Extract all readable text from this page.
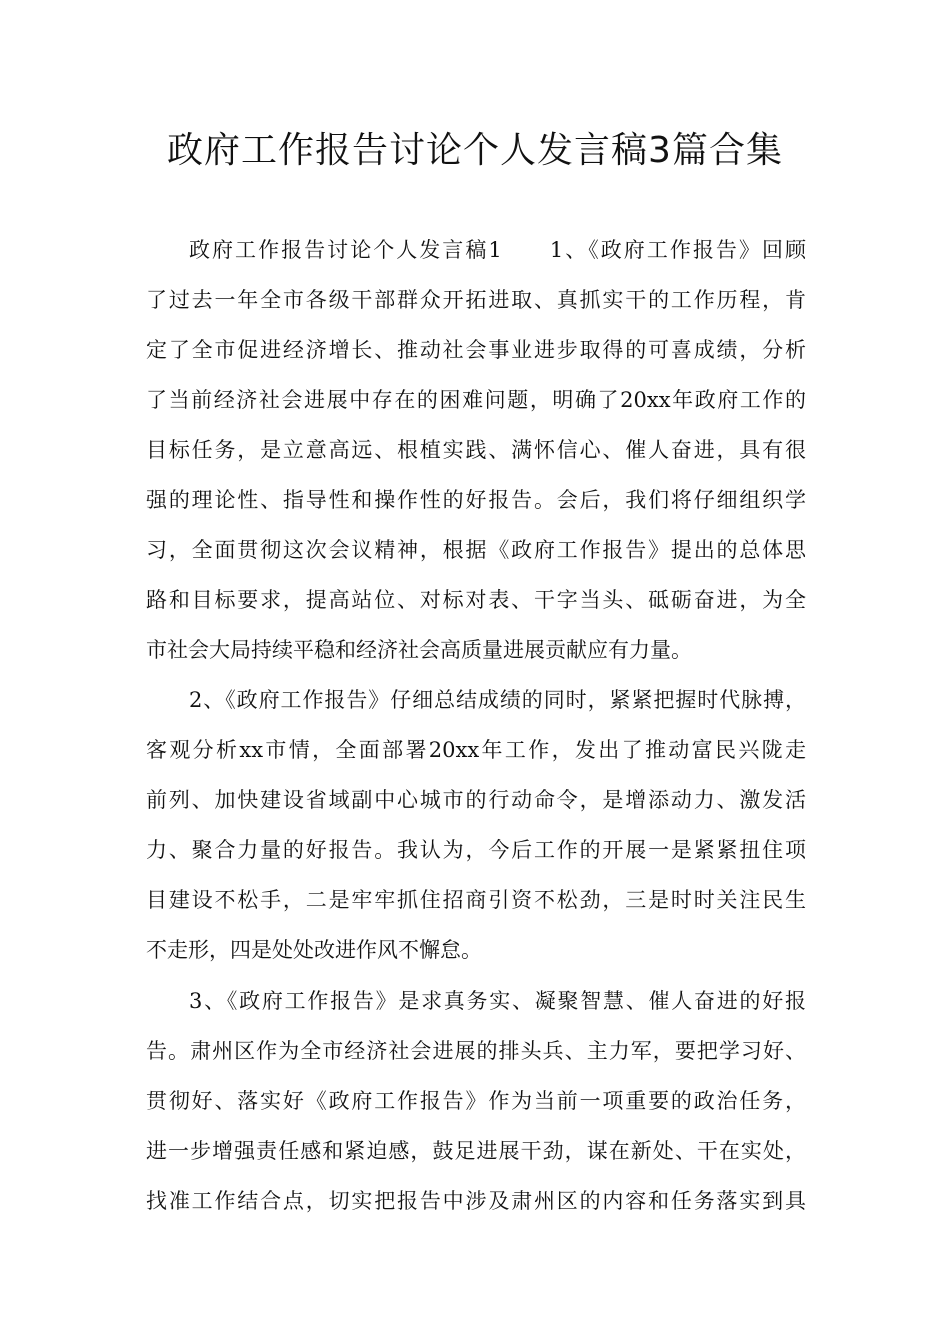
政府工作报告讨论个人发言稿3篇合集
政府工作报告讨论个人发言稿1　　1、《政府工作报告》回顾
了过去一年全市各级干部群众开拓进取、真抓实干的工作历程，肯
定了全市促进经济增长、推动社会事业进步取得的可喜成绩，分析
了当前经济社会进展中存在的困难问题，明确了20xx年政府工作的
目标任务，是立意高远、根植实践、满怀信心、催人奋进，具有很
强的理论性、指导性和操作性的好报告。会后，我们将仔细组织学
习，全面贯彻这次会议精神，根据《政府工作报告》提出的总体思
路和目标要求，提高站位、对标对表、干字当头、砥砺奋进，为全
市社会大局持续平稳和经济社会高质量进展贡献应有力量。
2、《政府工作报告》仔细总结成绩的同时，紧紧把握时代脉搏，
客观分析xx市情，全面部署20xx年工作，发出了推动富民兴陇走
前列、加快建设省域副中心城市的行动命令，是增添动力、激发活
力、聚合力量的好报告。我认为，今后工作的开展一是紧紧扭住项
目建设不松手，二是牢牢抓住招商引资不松劲，三是时时关注民生
不走形，四是处处改进作风不懈怠。
3、《政府工作报告》是求真务实、凝聚智慧、催人奋进的好报
告。肃州区作为全市经济社会进展的排头兵、主力军，要把学习好、
贯彻好、落实好《政府工作报告》作为当前一项重要的政治任务，
进一步增强责任感和紧迫感，鼓足进展干劲，谋在新处、干在实处，
找准工作结合点，切实把报告中涉及肃州区的内容和任务落实到具
